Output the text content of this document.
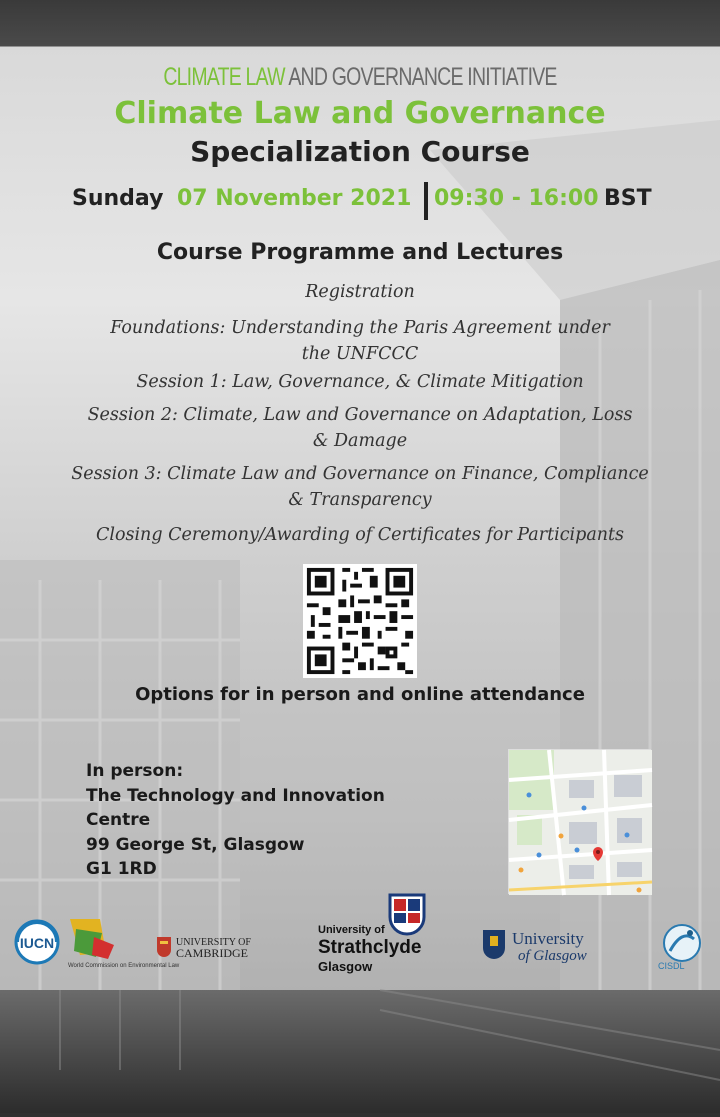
CLIMATE LAW AND GOVERNANCE INITIATIVE
Climate Law and Governance
Specialization Course
Sunday 07 November 2021 09:30 - 16:00 BST
Course Programme and Lectures
Registration
Foundations: Understanding the Paris Agreement under
the UNFCCC
Session 1: Law, Governance, & Climate Mitigation
Session 2: Climate, Law and Governance on Adaptation, Loss
& Damage
Session 3: Climate Law and Governance on Finance, Compliance
& Transparency
Closing Ceremony/Awarding of Certificates for Participants
Options for in person and online attendance
In person:
The Technology and Innovation
Centre
99 George St, Glasgow
G1 1RD
IUCN
World Commission on Environmental Law
UNIVERSITY OF
CAMBRIDGE
University of
Strathclyde
Glasgow
University
of Glasgow
CISDL
